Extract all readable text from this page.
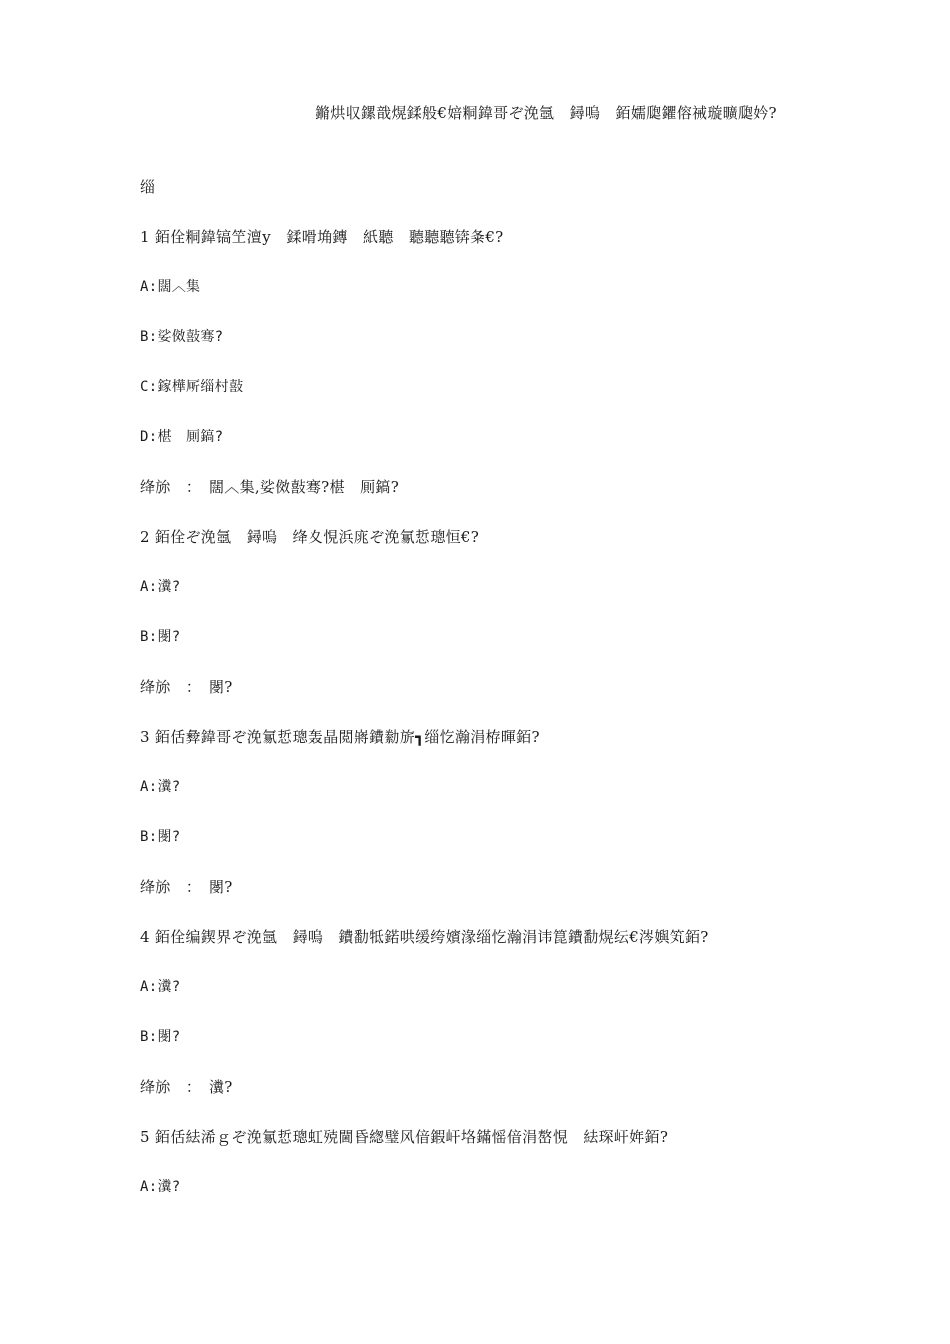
鏅烘収鏍戠熀鍒般€婄粡鍏哥ぞ浼氬　鐞嗚　銆嬬瓟鑺傛祴璇曠瓟妗?
缁
1 銆佺粡鍏镐笁澶у　鍒嗗埆鏄　紙聽　聽聽聽锛夈€?
A:闊︿集
B:娑傚敼骞?
C:鎵樺厛缁村敼
D:椹　厠鎬?
绛旀　：　闊︿集,娑傚敼骞?椹　厠鎬?
2 銆佺ぞ浼氬　鐞嗚　绛夊悓浜庣ぞ浼氱悊璁恒€?
A:瀵?
B:閿?
绛旀　：　閿?
3 銆佸彜鍏哥ぞ浼氱悊璁轰晶閲嶈鐨勬旂┓缁忔瀚涓栫暉銆?
A:瀵?
B:閿?
绛旀　：　閿?
4 銆佺编鍥界ぞ浼氬　鐞嗚　鐨勫牴鍩哄缓绔嬪湪缁忔瀚涓讳箟鐨勫熀纭€涔嬩笂銆?
A:瀵?
B:閿?
绛旀　：　瀵?
5 銆佸紶浠ｇぞ浼氱悊璁虹殑閫昏緫璧风偣鍜屽垎鏋愮偣涓嶅悓　紶琛屽姩銆?
A:瀵?
